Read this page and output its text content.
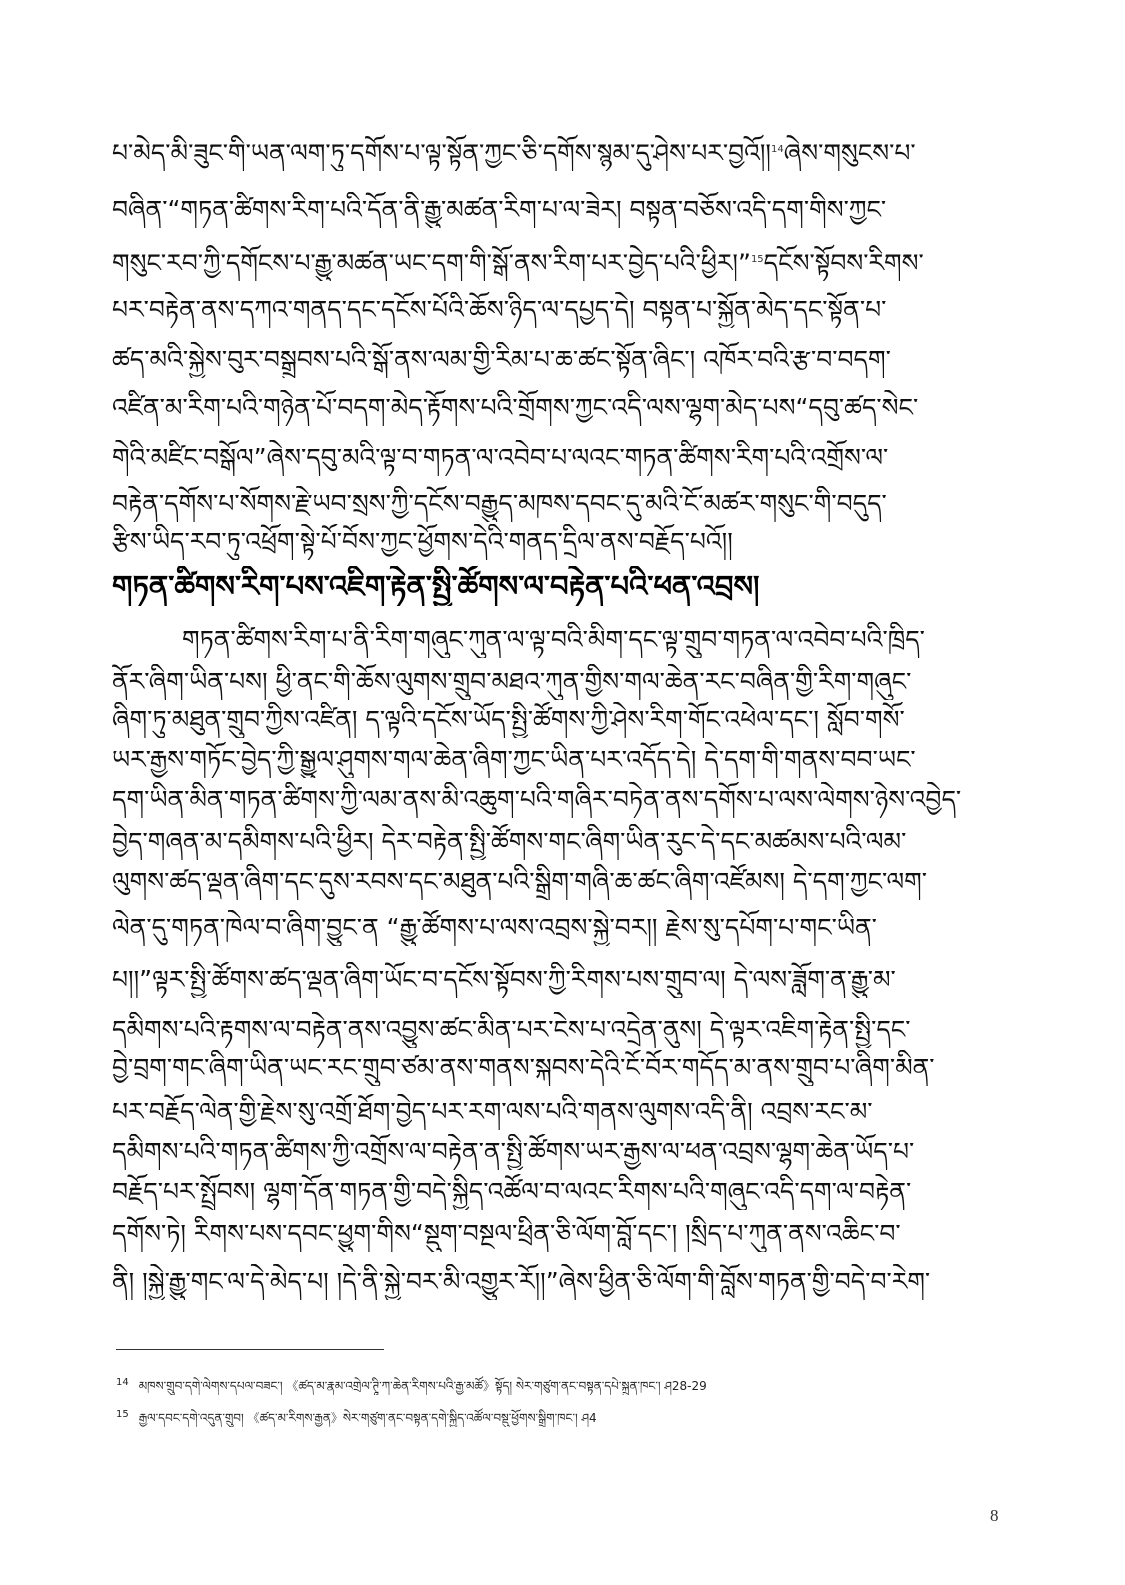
པ་མེད་མི་ཟུང་གི་ཡན་ལག་ཏུ་དགོས་པ་ལྟ་སྟོན་ཀྱང་ཅི་དགོས་སྙམ་དུ་ཤེས་པར་བྱའོ།།$^{14}$ཞེས་གསུངས་པ་
བཞིན་“གཏན་ཚིགས་རིག་པའི་དོན་ནི་རྒྱུ་མཚན་རིག་པ་ལ་ཟེར། བསྟན་བཅོས་འདི་དག་གིས་ཀྱང་
གསུང་རབ་ཀྱི་དགོངས་པ་རྒྱུ་མཚན་ཡང་དག་གི་སྒོ་ནས་རིག་པར་བྱེད་པའི་ཕྱིར།”$^{15}$དངོས་སྟོབས་རིགས་
པར་བརྟེན་ནས་དཀའ་གནད་དང་དངོས་པོའི་ཆོས་ཉིད་ལ་དཔྱད་དེ། བསྟན་པ་སྐྱོན་མེད་དང་སྟོན་པ་
ཚད་མའི་སྐྱེས་བུར་བསྒྲུབས་པའི་སྒོ་ནས་ལམ་གྱི་རིམ་པ་ཆ་ཚང་སྟོན་ཞིང་། འཁོར་བའི་རྩ་བ་བདག་
འཛིན་མ་རིག་པའི་གཉེན་པོ་བདག་མེད་རྟོགས་པའི་གྲོགས་ཀྱང་འདི་ལས་ལྷག་མེད་པས“དབུ་ཚད་སེང་
གེའི་མཛིང་བསྒོལ”ཞེས་དབུ་མའི་ལྟ་བ་གཏན་ལ་འབེབ་པ་ལའང་གཏན་ཚིགས་རིག་པའི་འགྲོས་ལ་
བརྟེན་དགོས་པ་སོགས་རྗེ་ཡབ་སྲས་ཀྱི་དངོས་བརྒྱུད་མཁས་དབང་དུ་མའི་ངོ་མཚར་གསུང་གི་བདུད་
རྩིས་ཡིད་རབ་ཏུ་འཕྲོག་སྟེ་པོ་བོས་ཀྱང་ཕྱོགས་དེའི་གནད་དྲིལ་ནས་བརྗོད་པའོ།།
གཏན་ཚིགས་རིག་པས་འཇིག་རྟེན་སྤྱི་ཚོགས་ལ་བརྟེན་པའི་ཕན་འབྲས།
གཏན་ཚིགས་རིག་པ་ནི་རིག་གཞུང་ཀུན་ལ་ལྟ་བའི་མིག་དང་ལྟ་གྲུབ་གཏན་ལ་འབེབ་པའི་ཁྲིད་
ནོར་ཞིག་ཡིན་པས། ཕྱི་ནང་གི་ཆོས་ལུགས་གྲུབ་མཐའ་ཀུན་གྱིས་གལ་ཆེན་རང་བཞིན་གྱི་རིག་གཞུང་
ཞིག་ཏུ་མཐུན་གྲུབ་ཀྱིས་འཛིན། ད་ལྟའི་དངོས་ཡོད་སྤྱི་ཚོགས་ཀྱི་ཤེས་རིག་གོང་འཕེལ་དང་། སློབ་གསོ་
ཡར་རྒྱས་གཏོང་བྱེད་ཀྱི་སྒྱུལ་ཤུགས་གལ་ཆེན་ཞིག་ཀྱང་ཡིན་པར་འདོད་དེ། དེ་དག་གི་གནས་བབ་ཡང་
དག་ཡིན་མིན་གཏན་ཚིགས་ཀྱི་ལམ་ནས་མི་འཆུག་པའི་གཞིར་བཏེན་ནས་དགོས་པ་ལས་ལེགས་ཉེས་འབྱེད་
བྱེད་གཞན་མ་དམིགས་པའི་ཕྱིར། དེར་བརྟེན་སྤྱི་ཚོགས་གང་ཞིག་ཡིན་རུང་དེ་དང་མཚམས་པའི་ལམ་
ལུགས་ཚད་ལྡན་ཞིག་དང་དུས་རབས་དང་མཐུན་པའི་སྒྲིག་གཞི་ཆ་ཚང་ཞིག་འཛོམས། དེ་དག་ཀྱང་ལག་
ལེན་དུ་གཏན་ཁེལ་བ་ཞིག་བྱུང་ན “རྒྱུ་ཚོགས་པ་ལས་འབྲས་སྐྱེ་བར།། རྗེས་སུ་དཔོག་པ་གང་ཡིན་
པ།།”ལྟར་སྤྱི་ཚོགས་ཚད་ལྡན་ཞིག་ཡོང་བ་དངོས་སྟོབས་ཀྱི་རིགས་པས་གྲུབ་ལ། དེ་ལས་ཟློག་ན་རྒྱུ་མ་
དམིགས་པའི་རྟགས་ལ་བརྟེན་ནས་འབྱུས་ཚང་མིན་པར་ངེས་པ་འདྲེན་ནུས། དེ་ལྟར་འཇིག་རྟེན་སྤྱི་དང་
བྱེ་བྲག་གང་ཞིག་ཡིན་ཡང་རང་གྲུབ་ཙམ་ནས་གནས་སྐབས་དེའི་ངོ་བོར་གདོད་མ་ནས་གྲུབ་པ་ཞིག་མིན་
པར་བརྗོད་ལེན་གྱི་རྗེས་སུ་འགྲོ་ཐོག་བྱེད་པར་རག་ལས་པའི་གནས་ལུགས་འདི་ནི། འབྲས་རང་མ་
དམིགས་པའི་གཏན་ཚིགས་ཀྱི་འགྲོས་ལ་བརྟེན་ན་སྤྱི་ཚོགས་ཡར་རྒྱས་ལ་ཕན་འབྲས་ལྷག་ཆེན་ཡོད་པ་
བརྗོད་པར་སྤྲོབས། ལྷག་དོན་གཏན་གྱི་བདེ་སྐྱིད་འཚོལ་བ་ལའང་རིགས་པའི་གཞུང་འདི་དག་ལ་བརྟེན་
དགོས་ཏེ། རིགས་པས་དབང་ཕྱུག་གིས“སྡུག་བསྔལ་ཕྲིན་ཅི་ལོག་བློ་དང་། །སྲིད་པ་ཀུན་ནས་འཆིང་བ་
ནི། །སྐྱེ་རྒྱུ་གང་ལ་དེ་མེད་པ། །དེ་ནི་སྐྱེ་བར་མི་འགྱུར་རོ།།”ཞེས་ཕྱིན་ཅི་ལོག་གི་བློས་གཏན་གྱི་བདེ་བ་རེག་
$^{14}$ མཁས་གྲུབ་དགེ་ལེགས་དཔལ་བཟང་། 《ཚད་མ་རྣམ་འགྲེལ་ཊཱི་ཀ་ཆེན་རིགས་པའི་རྒྱ་མཚོ》སྟོད། སེར་གཙུག་ནང་བསྟན་དཔེ་སྐྲུན་ཁང་། ཤ28-29
$^{15}$ རྒྱལ་དབང་དགེ་འདུན་གྲུབ། 《ཚད་མ་རིགས་རྒྱན》སེར་གཙུག་ནང་བསྟན་དགེ་སྐྱིད་འཚོལ་བསྡུ་ཕྱོགས་སྒྲིག་ཁང་། ཤ4
8
